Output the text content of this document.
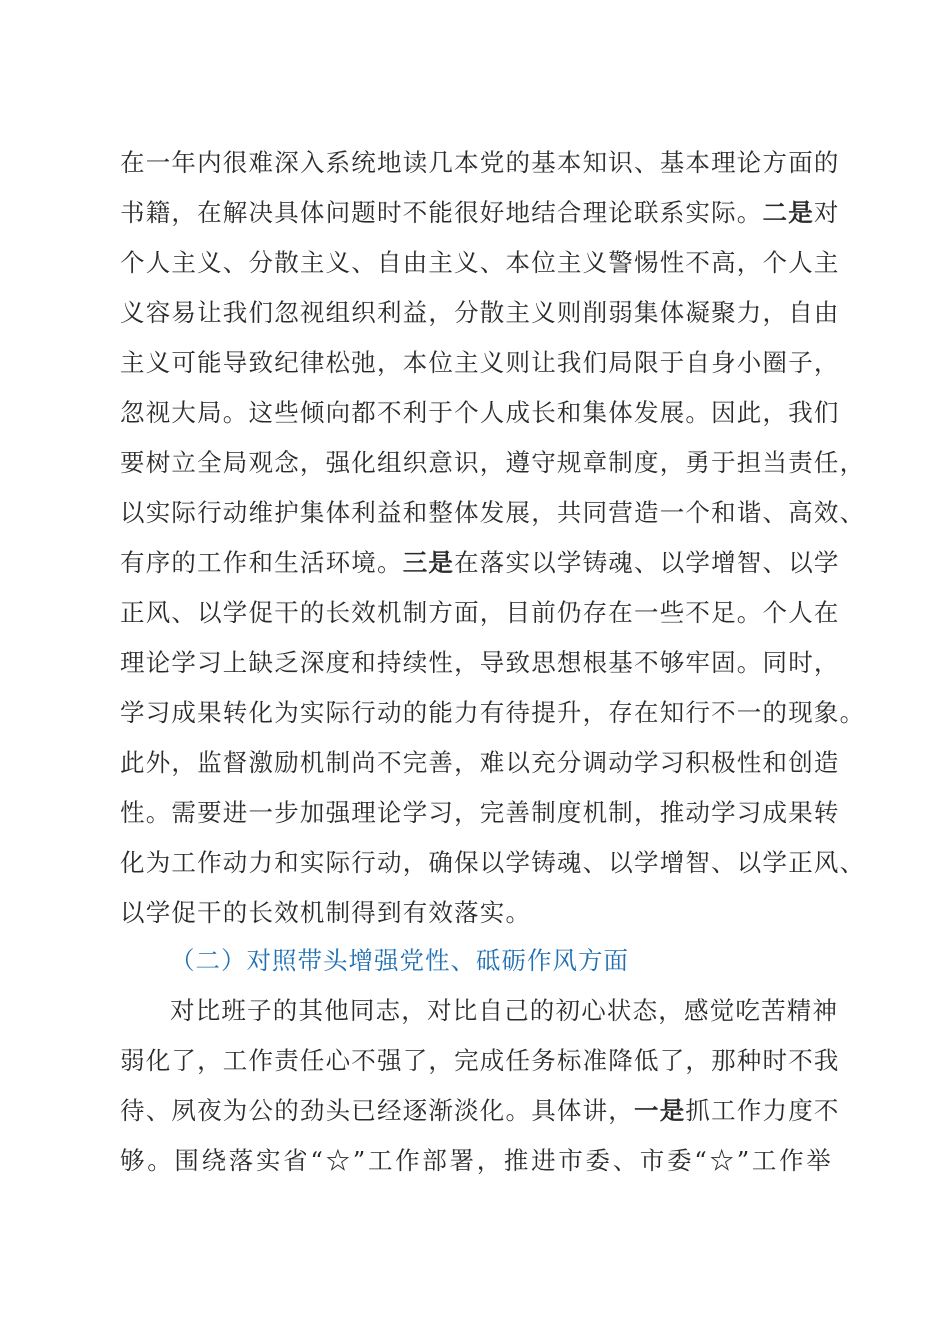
在一年内很难深入系统地读几本党的基本知识、基本理论方面的
书籍，在解决具体问题时不能很好地结合理论联系实际。二是对
个人主义、分散主义、自由主义、本位主义警惕性不高，个人主
义容易让我们忽视组织利益，分散主义则削弱集体凝聚力，自由
主义可能导致纪律松弛，本位主义则让我们局限于自身小圈子，
忽视大局。这些倾向都不利于个人成长和集体发展。因此，我们
要树立全局观念，强化组织意识，遵守规章制度，勇于担当责任，
以实际行动维护集体利益和整体发展，共同营造一个和谐、高效、
有序的工作和生活环境。三是在落实以学铸魂、以学增智、以学
正风、以学促干的长效机制方面，目前仍存在一些不足。个人在
理论学习上缺乏深度和持续性，导致思想根基不够牢固。同时，
学习成果转化为实际行动的能力有待提升，存在知行不一的现象。
此外，监督激励机制尚不完善，难以充分调动学习积极性和创造
性。需要进一步加强理论学习，完善制度机制，推动学习成果转
化为工作动力和实际行动，确保以学铸魂、以学增智、以学正风、
以学促干的长效机制得到有效落实。
（二）对照带头增强党性、砥砺作风方面
对比班子的其他同志，对比自己的初心状态，感觉吃苦精神
弱化了，工作责任心不强了，完成任务标准降低了，那种时不我
待、夙夜为公的劲头已经逐渐淡化。具体讲，一是抓工作力度不
够。围绕落实省“☆”工作部署，推进市委、市委“☆”工作举
